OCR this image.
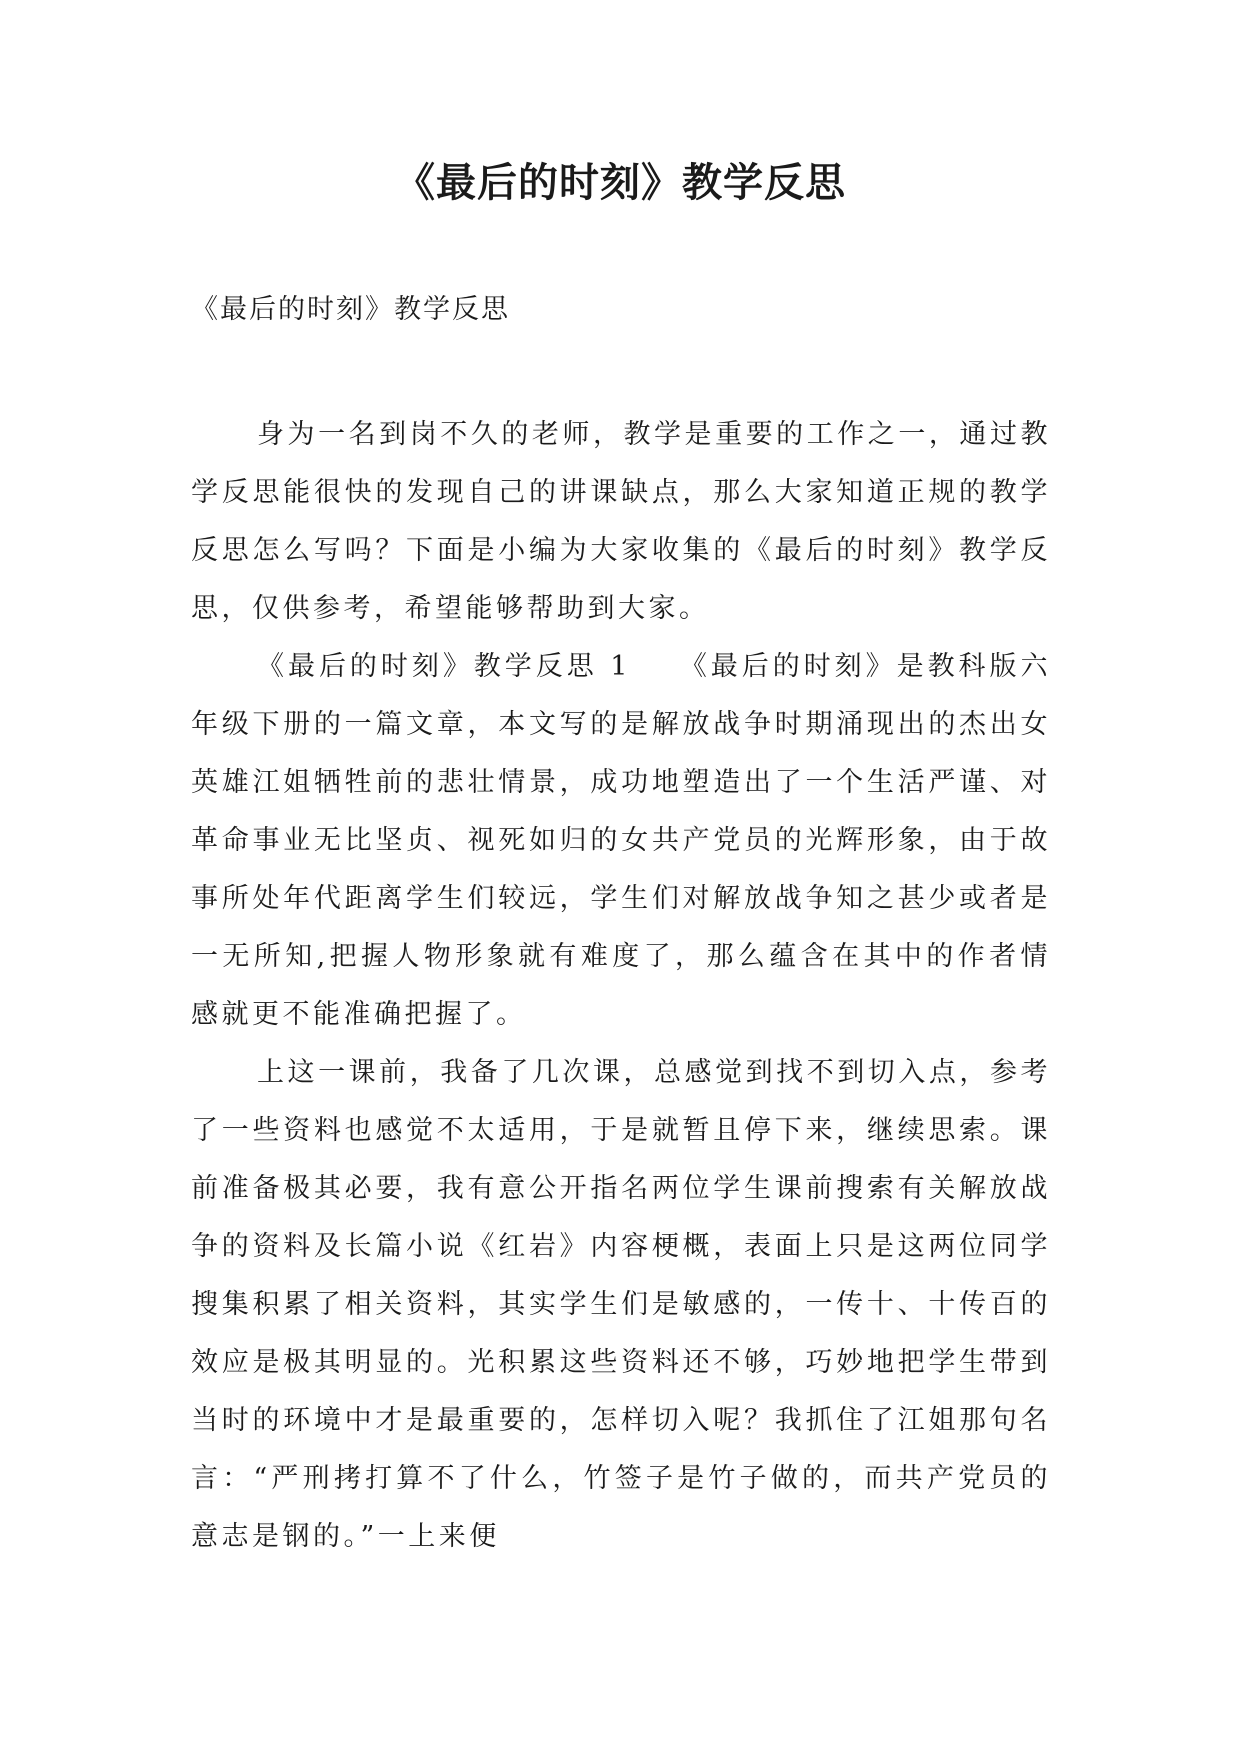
《最后的时刻》教学反思
《最后的时刻》教学反思

身为一名到岗不久的老师，教学是重要的工作之一，通过教学反思能很快的发现自己的讲课缺点，那么大家知道正规的教学反思怎么写吗？下面是小编为大家收集的《最后的时刻》教学反思，仅供参考，希望能够帮助到大家。

《最后的时刻》教学反思 1　　《最后的时刻》是教科版六年级下册的一篇文章，本文写的是解放战争时期涌现出的杰出女英雄江姐牺牲前的悲壮情景，成功地塑造出了一个生活严谨、对革命事业无比坚贞、视死如归的女共产党员的光辉形象，由于故事所处年代距离学生们较远，学生们对解放战争知之甚少或者是一无所知,把握人物形象就有难度了，那么蕴含在其中的作者情感就更不能准确把握了。

上这一课前，我备了几次课，总感觉到找不到切入点，参考了一些资料也感觉不太适用，于是就暂且停下来，继续思索。课前准备极其必要，我有意公开指名两位学生课前搜索有关解放战争的资料及长篇小说《红岩》内容梗概，表面上只是这两位同学搜集积累了相关资料，其实学生们是敏感的，一传十、十传百的效应是极其明显的。光积累这些资料还不够，巧妙地把学生带到当时的环境中才是最重要的，怎样切入呢？我抓住了江姐那句名言：“严刑拷打算不了什么，竹签子是竹子做的，而共产党员的意志是钢的。”一上来便
